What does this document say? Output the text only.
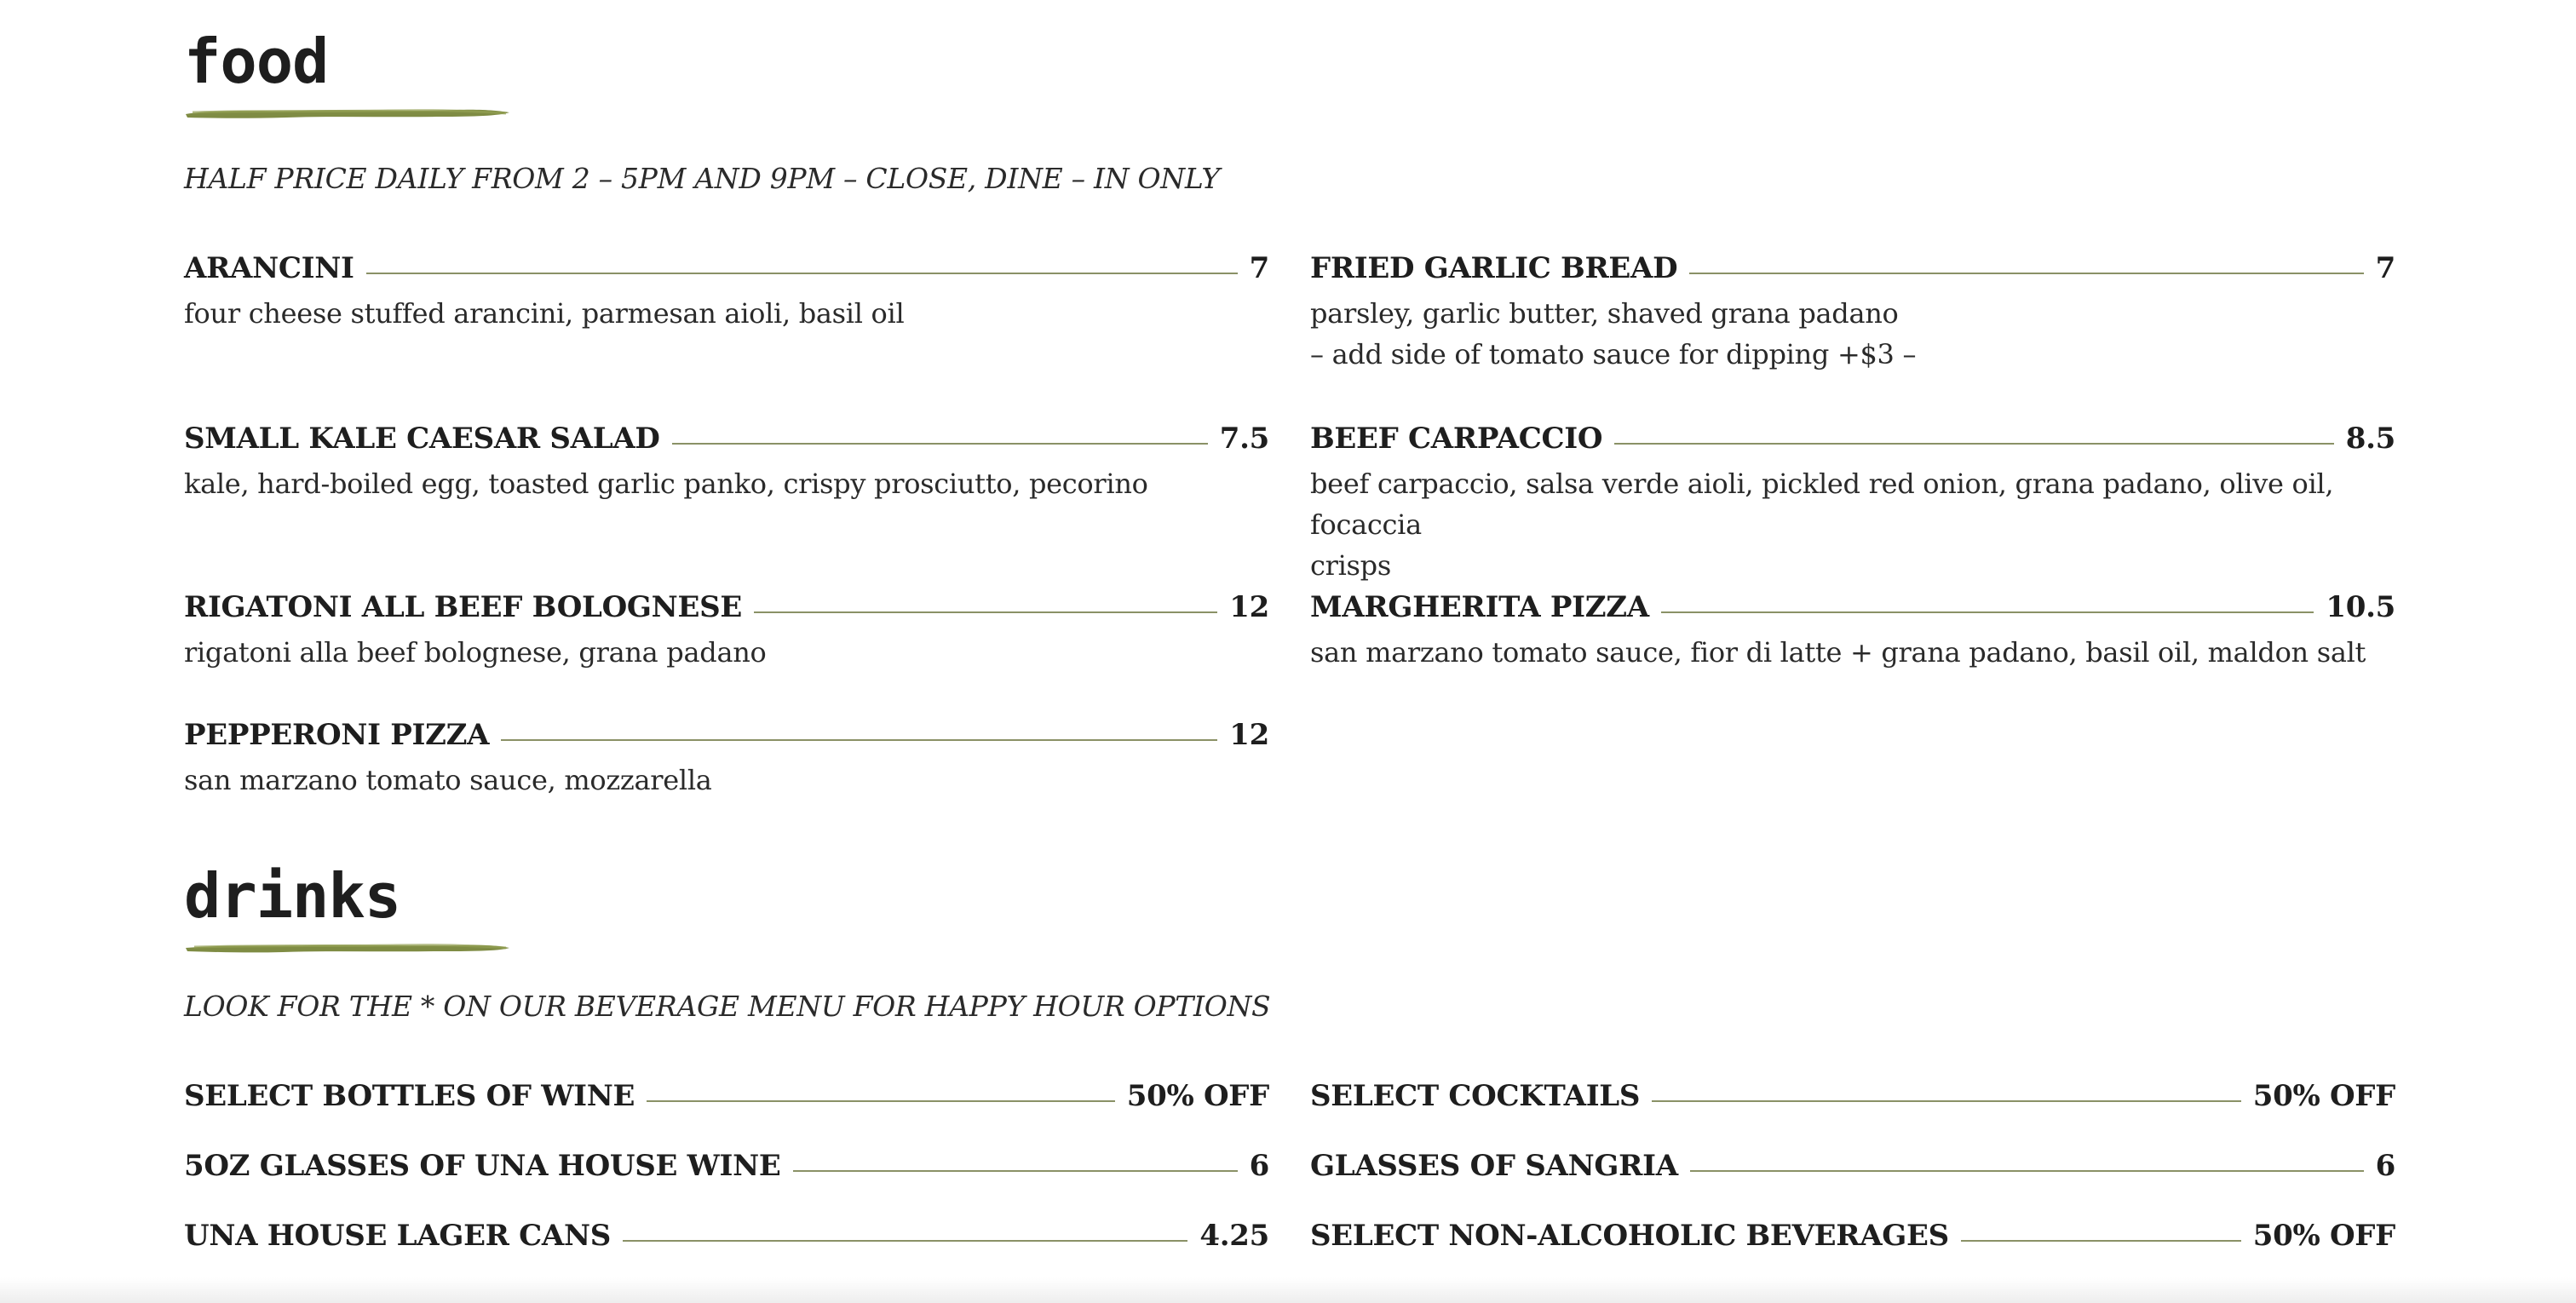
food

HALF PRICE DAILY FROM 2 – 5PM AND 9PM – CLOSE, DINE – IN ONLY

ARANCINI	7
four cheese stuffed arancini, parmesan aioli, basil oil
FRIED GARLIC BREAD	7
parsley, garlic butter, shaved grana padano
– add side of tomato sauce for dipping +$3 –
SMALL KALE CAESAR SALAD	7.5
kale, hard-boiled egg, toasted garlic panko, crispy prosciutto, pecorino
BEEF CARPACCIO	8.5
beef carpaccio, salsa verde aioli, pickled red onion, grana padano, olive oil, focaccia
crisps
RIGATONI ALL BEEF BOLOGNESE	12
rigatoni alla beef bolognese, grana padano
MARGHERITA PIZZA	10.5
san marzano tomato sauce, fior di latte + grana padano, basil oil, maldon salt
PEPPERONI PIZZA	12
san marzano tomato sauce, mozzarella
drinks

LOOK FOR THE * ON OUR BEVERAGE MENU FOR HAPPY HOUR OPTIONS

SELECT BOTTLES OF WINE	50% OFF SELECT COCKTAILS	50% OFF
5OZ GLASSES OF UNA HOUSE WINE	6 GLASSES OF SANGRIA	6
UNA HOUSE LAGER CANS	4.25 SELECT NON-ALCOHOLIC BEVERAGES	50% OFF
